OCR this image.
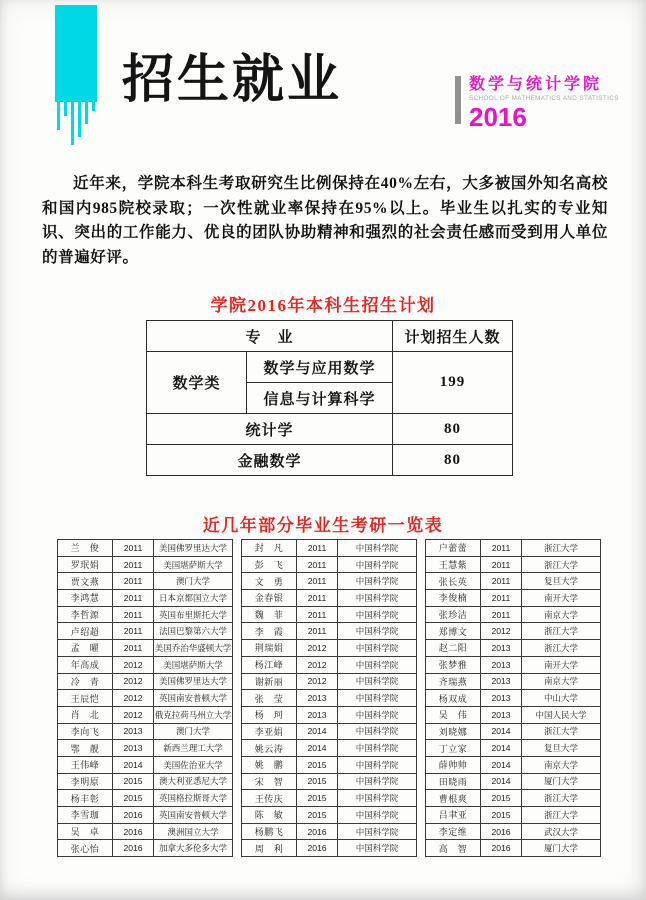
招生就业	数学与统计学院
SCHOOL OF MATHEMATICS AND STATISTICS
2016
近年来，学院本科生考取研究生比例保持在40%左右，大多被国外知名高校和国内985院校录取；一次性就业率保持在95%以上。毕业生以扎实的专业知识、突出的工作能力、优良的团队协助精神和强烈的社会责任感而受到用人单位的普遍好评。
学院2016年本科生招生计划
专　业		计划招生人数
数学类	数学与应用数学	199
	信息与计算科学	
统计学		80
金融数学		80
近几年部分毕业生考研一览表
兰　俊	2011	美国佛罗里达大学
罗珉娟	2011	美国堪萨斯大学
贾文燕	2011	澳门大学
李鸿慧	2011	日本京都国立大学
李哲源	2011	英国布里斯托大学
卢绍超	2011	法国巴黎第六大学
孟　曜	2011	美国乔治华盛顿大学
年高成	2012	美国堪萨斯大学
冷　青	2012	美国佛罗里达大学
王辰恺	2012	英国南安普顿大学
肖　北	2012	俄克拉荷马州立大学
李向飞	2013	澳门大学
鄂　靓	2013	新西兰理工大学
王伟峰	2014	美国佐治亚大学
李明原	2015	澳大利亚悉尼大学
杨丰彰	2015	英国格拉斯哥大学
李雪珈	2016	英国南安普顿大学
吴　卓	2016	澳洲国立大学
张心怡	2016	加拿大多伦多大学
封　凡	2011	中国科学院
彭　飞	2011	中国科学院
文　勇	2011	中国科学院
金春银	2011	中国科学院
魏　菲	2011	中国科学院
李　霞	2011	中国科学院
荆瑞娟	2012	中国科学院
杨江峰	2012	中国科学院
谢新丽	2012	中国科学院
张　莹	2013	中国科学院
杨　珂	2013	中国科学院
李亚娟	2014	中国科学院
姚云涛	2014	中国科学院
姚　鹏	2015	中国科学院
宋　智	2015	中国科学院
王传庆	2015	中国科学院
陈　敏	2015	中国科学院
杨鹏飞	2016	中国科学院
周　利	2016	中国科学院
户蕾蕾	2011	浙江大学
王慧紫	2011	浙江大学
张长英	2011	复旦大学
李俊楠	2011	南开大学
张珍洁	2011	南京大学
郑博文	2012	浙江大学
赵二阳	2013	浙江大学
张梦雅	2013	南开大学
齐瑞燕	2013	南京大学
杨双成	2013	中山大学
吴　伟	2013	中国人民大学
刘晓娜	2014	浙江大学
丁立家	2014	复旦大学
薛帅帅	2014	南京大学
田晓雨	2014	厦门大学
曹根爽	2015	浙江大学
吕聿亚	2015	浙江大学
李定维	2016	武汉大学
高　智	2016	厦门大学
